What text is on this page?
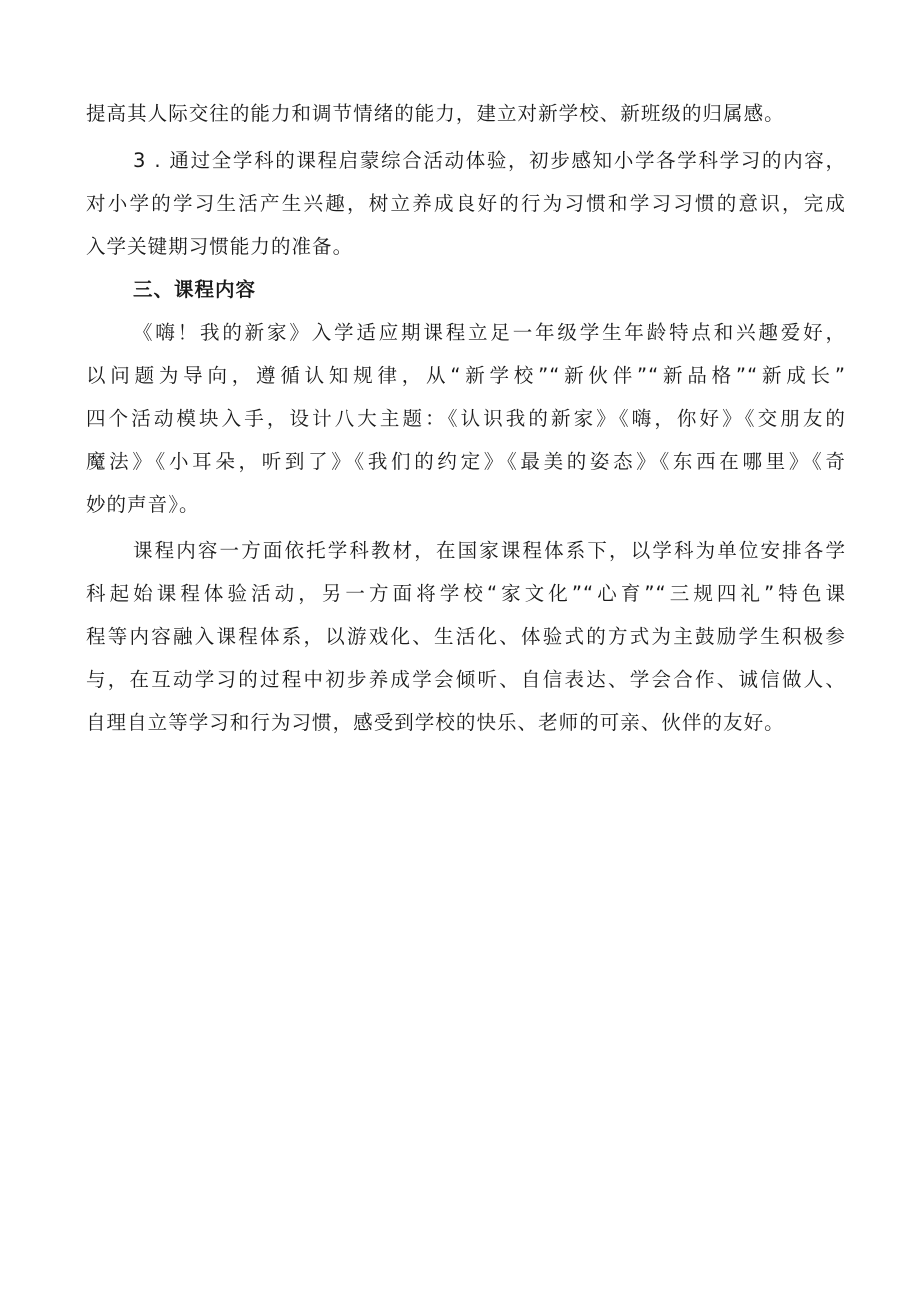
提高其人际交往的能力和调节情绪的能力，建立对新学校、新班级的归属感。
3 . 通过全学科的课程启蒙综合活动体验，初步感知小学各学科学习的内容，
对小学的学习生活产生兴趣，树立养成良好的行为习惯和学习习惯的意识，完成
入学关键期习惯能力的准备。
三、课程内容
《嗨！我的新家》入学适应期课程立足一年级学生年龄特点和兴趣爱好，
以问题为导向，遵循认知规律，从“新学校”“新伙伴”“新品格”“新成长”
四个活动模块入手，设计八大主题：《认识我的新家》《嗨，你好》《交朋友的
魔法》《小耳朵，听到了》《我们的约定》《最美的姿态》《东西在哪里》《奇
妙的声音》。
课程内容一方面依托学科教材，在国家课程体系下，以学科为单位安排各学
科起始课程体验活动，另一方面将学校“家文化”“心育”“三规四礼”特色课
程等内容融入课程体系，以游戏化、生活化、体验式的方式为主鼓励学生积极参
与，在互动学习的过程中初步养成学会倾听、自信表达、学会合作、诚信做人、
自理自立等学习和行为习惯，感受到学校的快乐、老师的可亲、伙伴的友好。
